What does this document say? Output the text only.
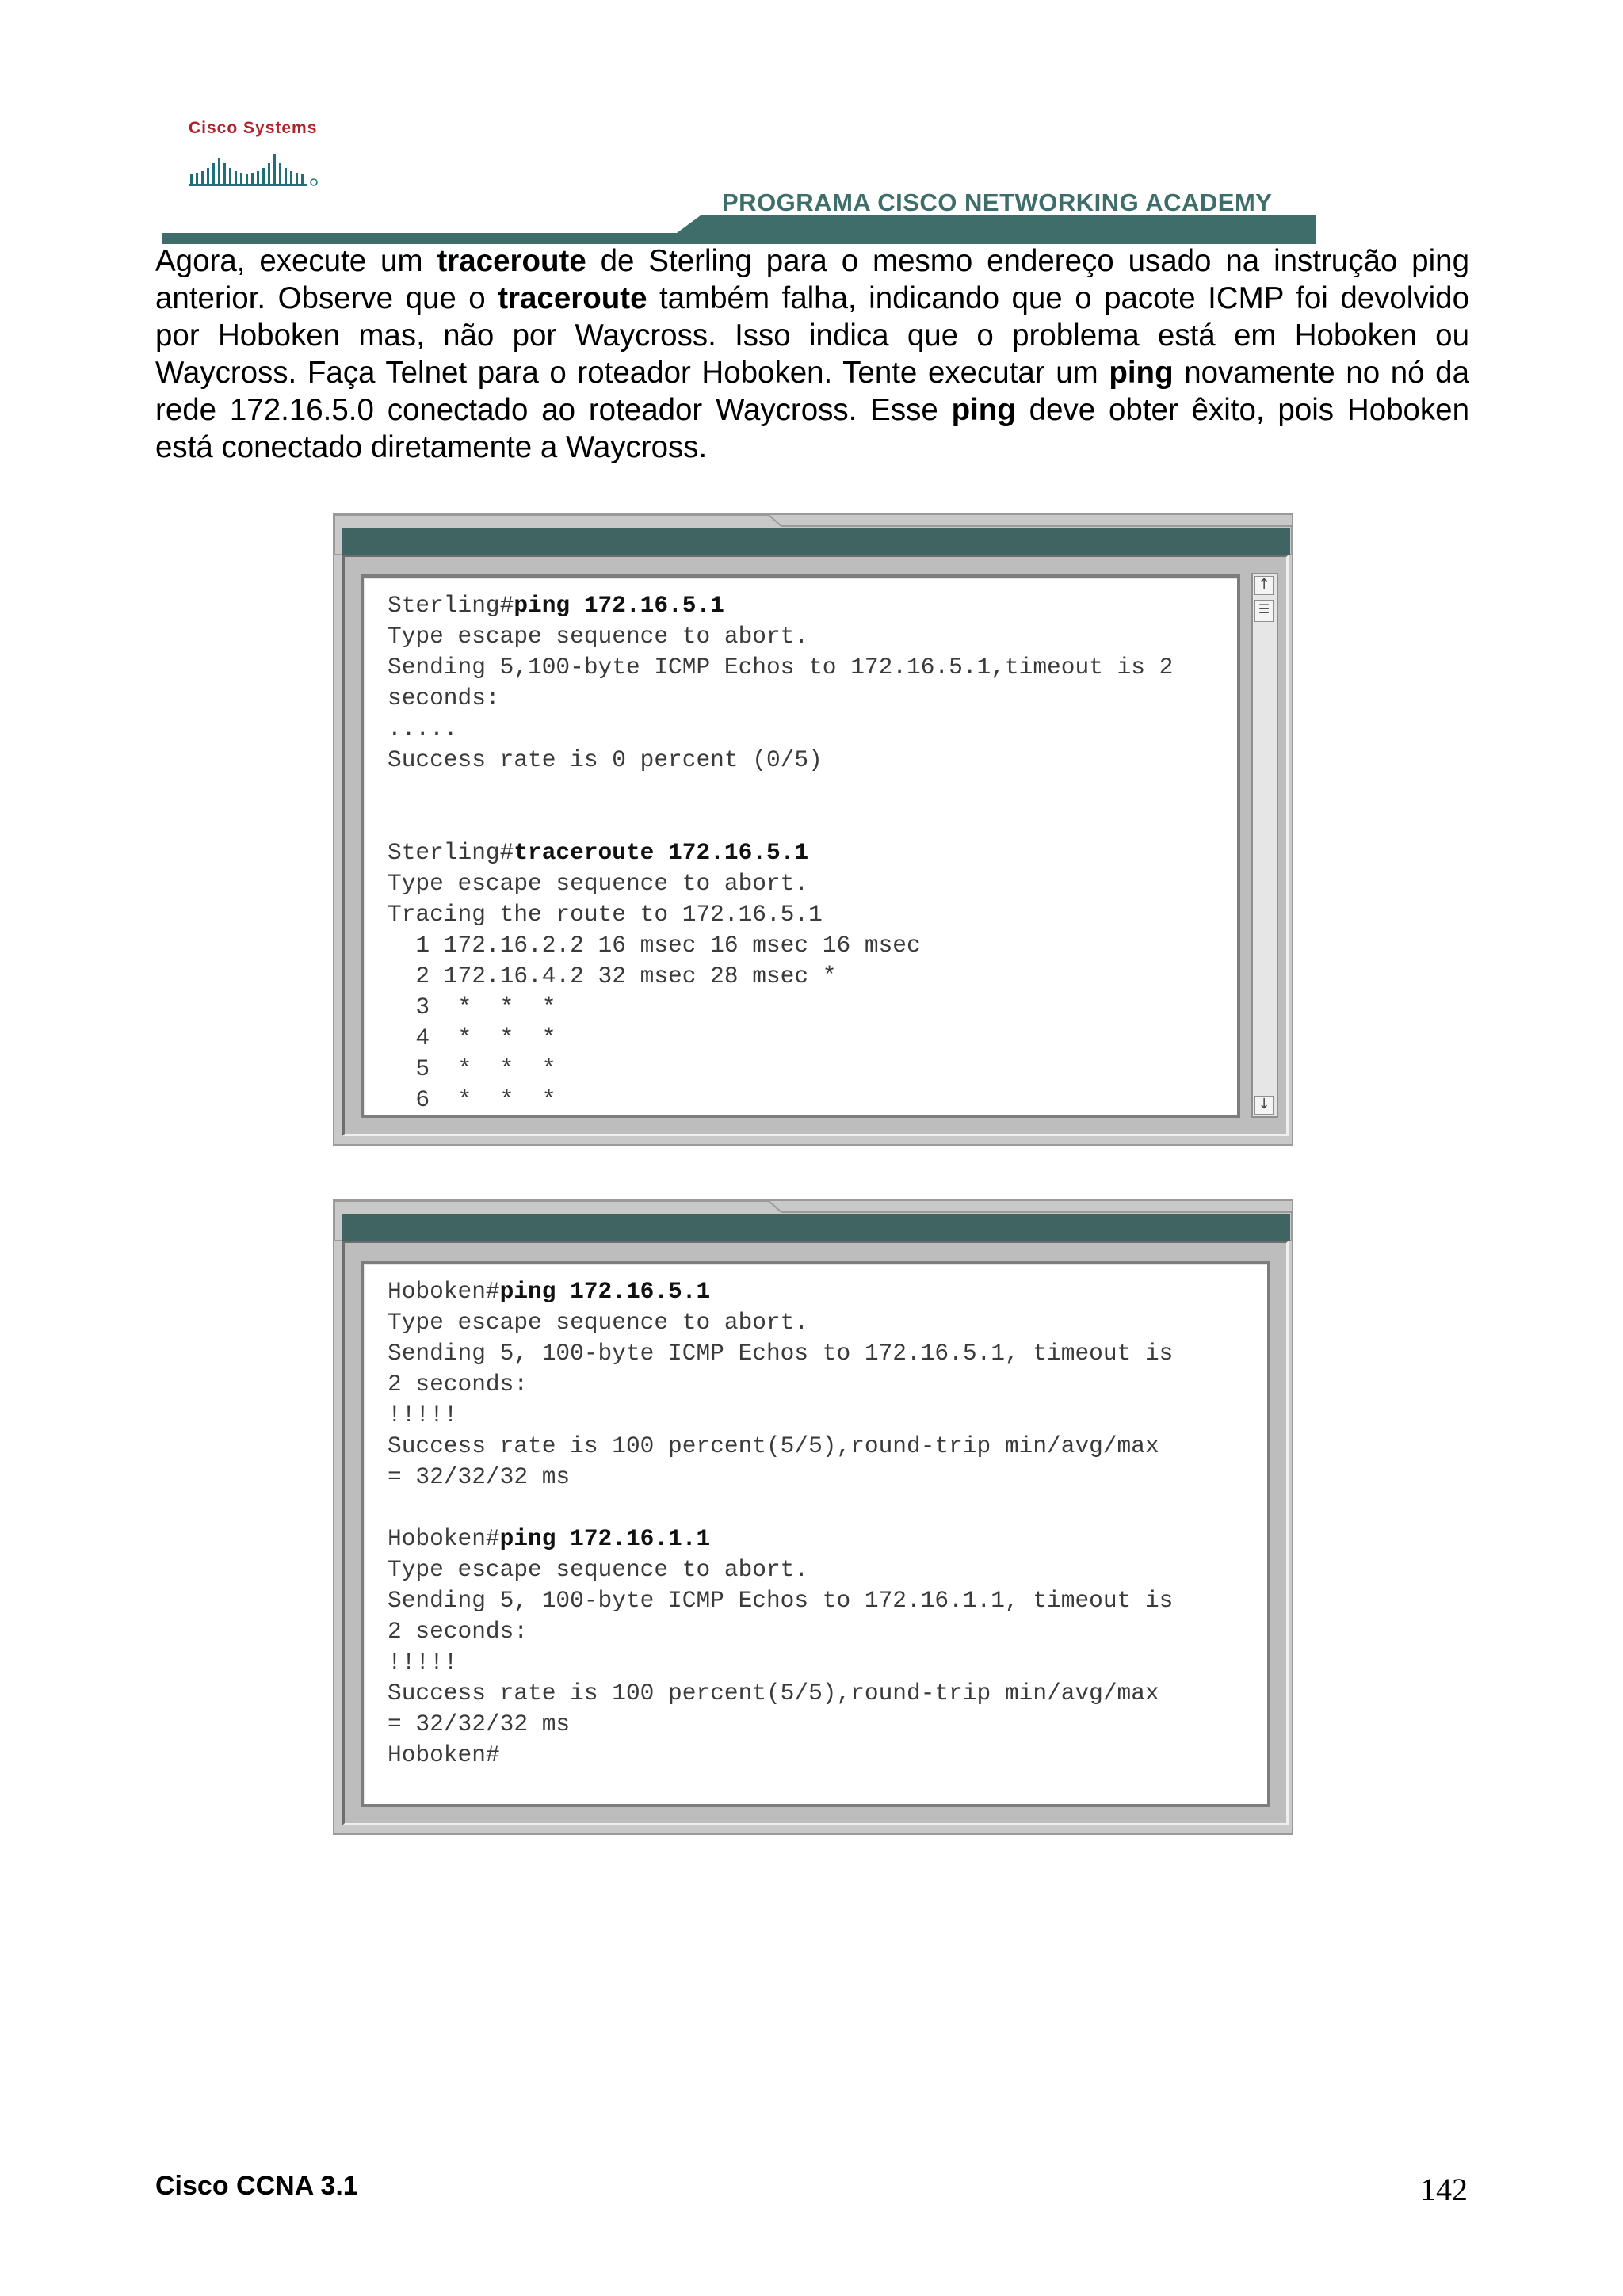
Cisco Systems
PROGRAMA CISCO NETWORKING ACADEMY

Agora, execute um traceroute de Sterling para o mesmo endereço usado na instrução ping anterior. Observe que o traceroute também falha, indicando que o pacote ICMP foi devolvido por Hoboken mas, não por Waycross. Isso indica que o problema está em Hoboken ou Waycross. Faça Telnet para o roteador Hoboken. Tente executar um ping novamente no nó da rede 172.16.5.0 conectado ao roteador Waycross. Esse ping deve obter êxito, pois Hoboken está conectado diretamente a Waycross.

Sterling#ping 172.16.5.1
Type escape sequence to abort.
Sending 5,100-byte ICMP Echos to 172.16.5.1,timeout is 2
seconds:
.....
Success rate is 0 percent (0/5)
Sterling#traceroute 172.16.5.1
Type escape sequence to abort.
Tracing the route to 172.16.5.1
1 172.16.2.2 16 msec 16 msec 16 msec
2 172.16.4.2 32 msec 28 msec *
3  *  *  *
4  *  *  *
5  *  *  *
6  *  *  *
↑
☰
↓
Hoboken#ping 172.16.5.1
Type escape sequence to abort.
Sending 5, 100-byte ICMP Echos to 172.16.5.1, timeout is
2 seconds:
!!!!!
Success rate is 100 percent(5/5),round-trip min/avg/max
= 32/32/32 ms
Hoboken#ping 172.16.1.1
Type escape sequence to abort.
Sending 5, 100-byte ICMP Echos to 172.16.1.1, timeout is
2 seconds:
!!!!!
Success rate is 100 percent(5/5),round-trip min/avg/max
= 32/32/32 ms
Hoboken#
Cisco CCNA 3.1	142
